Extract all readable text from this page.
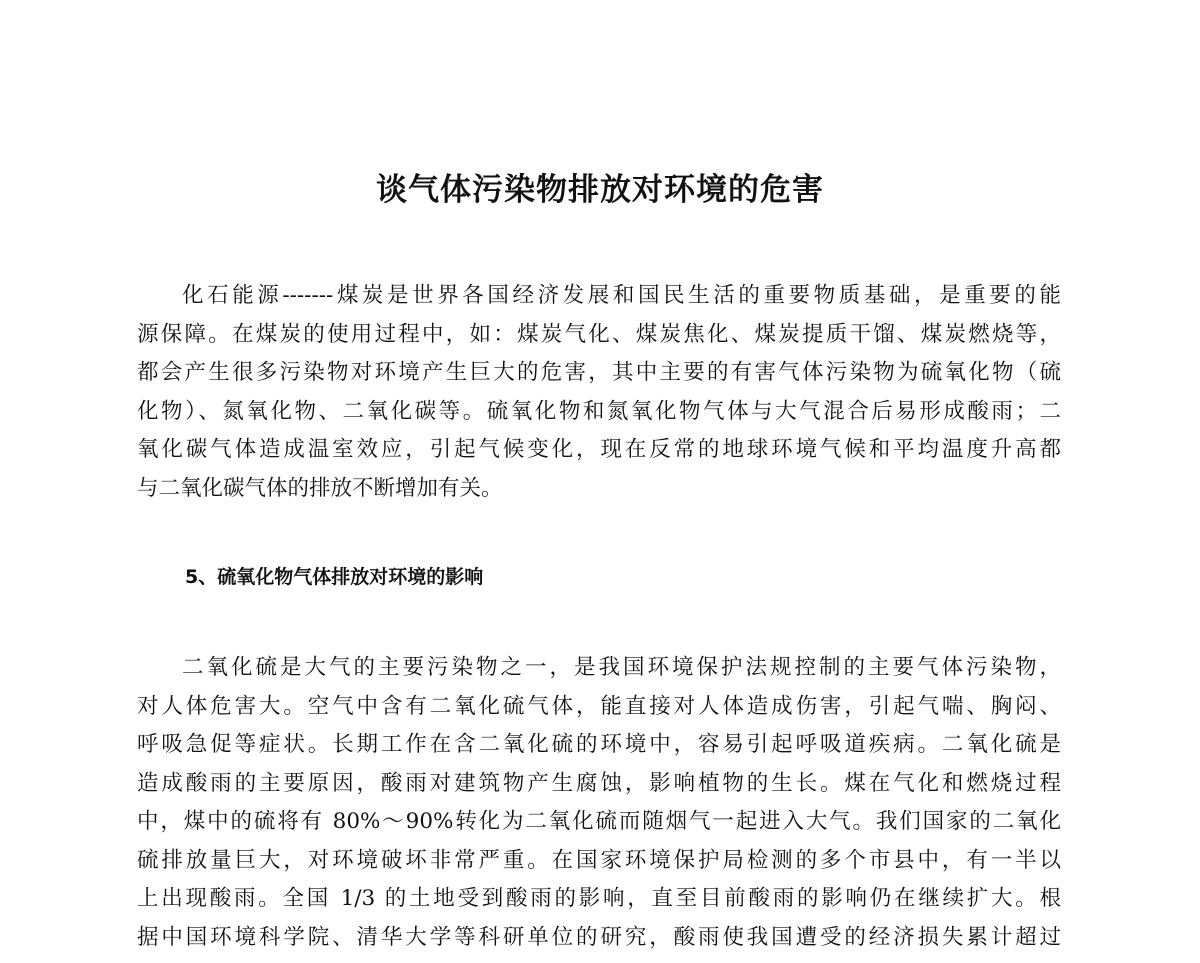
谈气体污染物排放对环境的危害
化石能源-------煤炭是世界各国经济发展和国民生活的重要物质基础，是重要的能
源保障。在煤炭的使用过程中，如：煤炭气化、煤炭焦化、煤炭提质干馏、煤炭燃烧等，
都会产生很多污染物对环境产生巨大的危害，其中主要的有害气体污染物为硫氧化物（硫
化物）、氮氧化物、二氧化碳等。硫氧化物和氮氧化物气体与大气混合后易形成酸雨；二
氧化碳气体造成温室效应，引起气候变化，现在反常的地球环境气候和平均温度升高都
与二氧化碳气体的排放不断增加有关。
5、硫氧化物气体排放对环境的影响
二氧化硫是大气的主要污染物之一，是我国环境保护法规控制的主要气体污染物，
对人体危害大。空气中含有二氧化硫气体，能直接对人体造成伤害，引起气喘、胸闷、
呼吸急促等症状。长期工作在含二氧化硫的环境中，容易引起呼吸道疾病。二氧化硫是
造成酸雨的主要原因，酸雨对建筑物产生腐蚀，影响植物的生长。煤在气化和燃烧过程
中，煤中的硫将有 80%～90%转化为二氧化硫而随烟气一起进入大气。我们国家的二氧化
硫排放量巨大，对环境破坏非常严重。在国家环境保护局检测的多个市县中，有一半以
上出现酸雨。全国 1/3 的土地受到酸雨的影响，直至目前酸雨的影响仍在继续扩大。根
据中国环境科学院、清华大学等科研单位的研究，酸雨使我国遭受的经济损失累计超过
